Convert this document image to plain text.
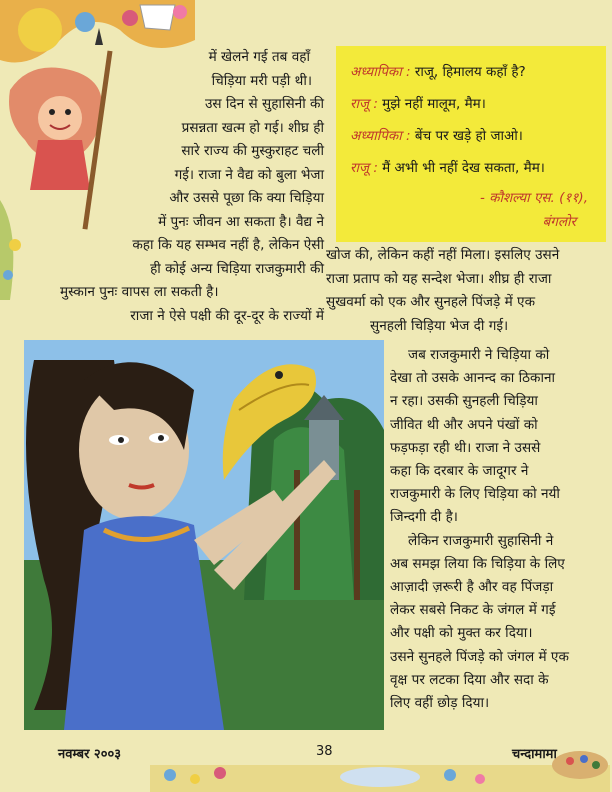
में खेलने गई तब वहाँ
चिड़िया मरी पड़ी थी।
उस दिन से सुहासिनी की
प्रसन्नता खत्म हो गई। शीघ्र ही
सारे राज्य की मुस्कुराहट चली
गई। राजा ने वैद्य को बुला भेजा
और उससे पूछा कि क्या चिड़िया
में पुनः जीवन आ सकता है। वैद्य ने
कहा कि यह सम्भव नहीं है, लेकिन ऐसी
ही कोई अन्य चिड़िया राजकुमारी की
मुस्कान पुनः वापस ला सकती है।
राजा ने ऐसे पक्षी की दूर-दूर के राज्यों में
अध्यापिका : राजू, हिमालय कहाँ है?
राजू : मुझे नहीं मालूम, मैम।
अध्यापिका : बेंच पर खड़े हो जाओ।
राजू : मैं अभी भी नहीं देख सकता, मैम।
- कौशल्या एस. (११),
बंगलोर
खोज की, लेकिन कहीं नहीं मिला। इसलिए उसने
राजा प्रताप को यह सन्देश भेजा। शीघ्र ही राजा
सुखवर्मा को एक और सुनहले पिंजड़े में एक
सुनहली चिड़िया भेज दी गई।
जब राजकुमारी ने चिड़िया को
देखा तो उसके आनन्द का ठिकाना
न रहा। उसकी सुनहली चिड़िया
जीवित थी और अपने पंखों को
फड़फड़ा रही थी। राजा ने उससे
कहा कि दरबार के जादूगर ने
राजकुमारी के लिए चिड़िया को नयी
जिन्दगी दी है।
लेकिन राजकुमारी सुहासिनी ने
अब समझ लिया कि चिड़िया के लिए
आज़ादी ज़रूरी है और वह पिंजड़ा
लेकर सबसे निकट के जंगल में गई
और पक्षी को मुक्त कर दिया।
उसने सुनहले पिंजड़े को जंगल में एक
वृक्ष पर लटका दिया और सदा के
लिए वहीं छोड़ दिया।
नवम्बर २००३	38	चन्दामामा
